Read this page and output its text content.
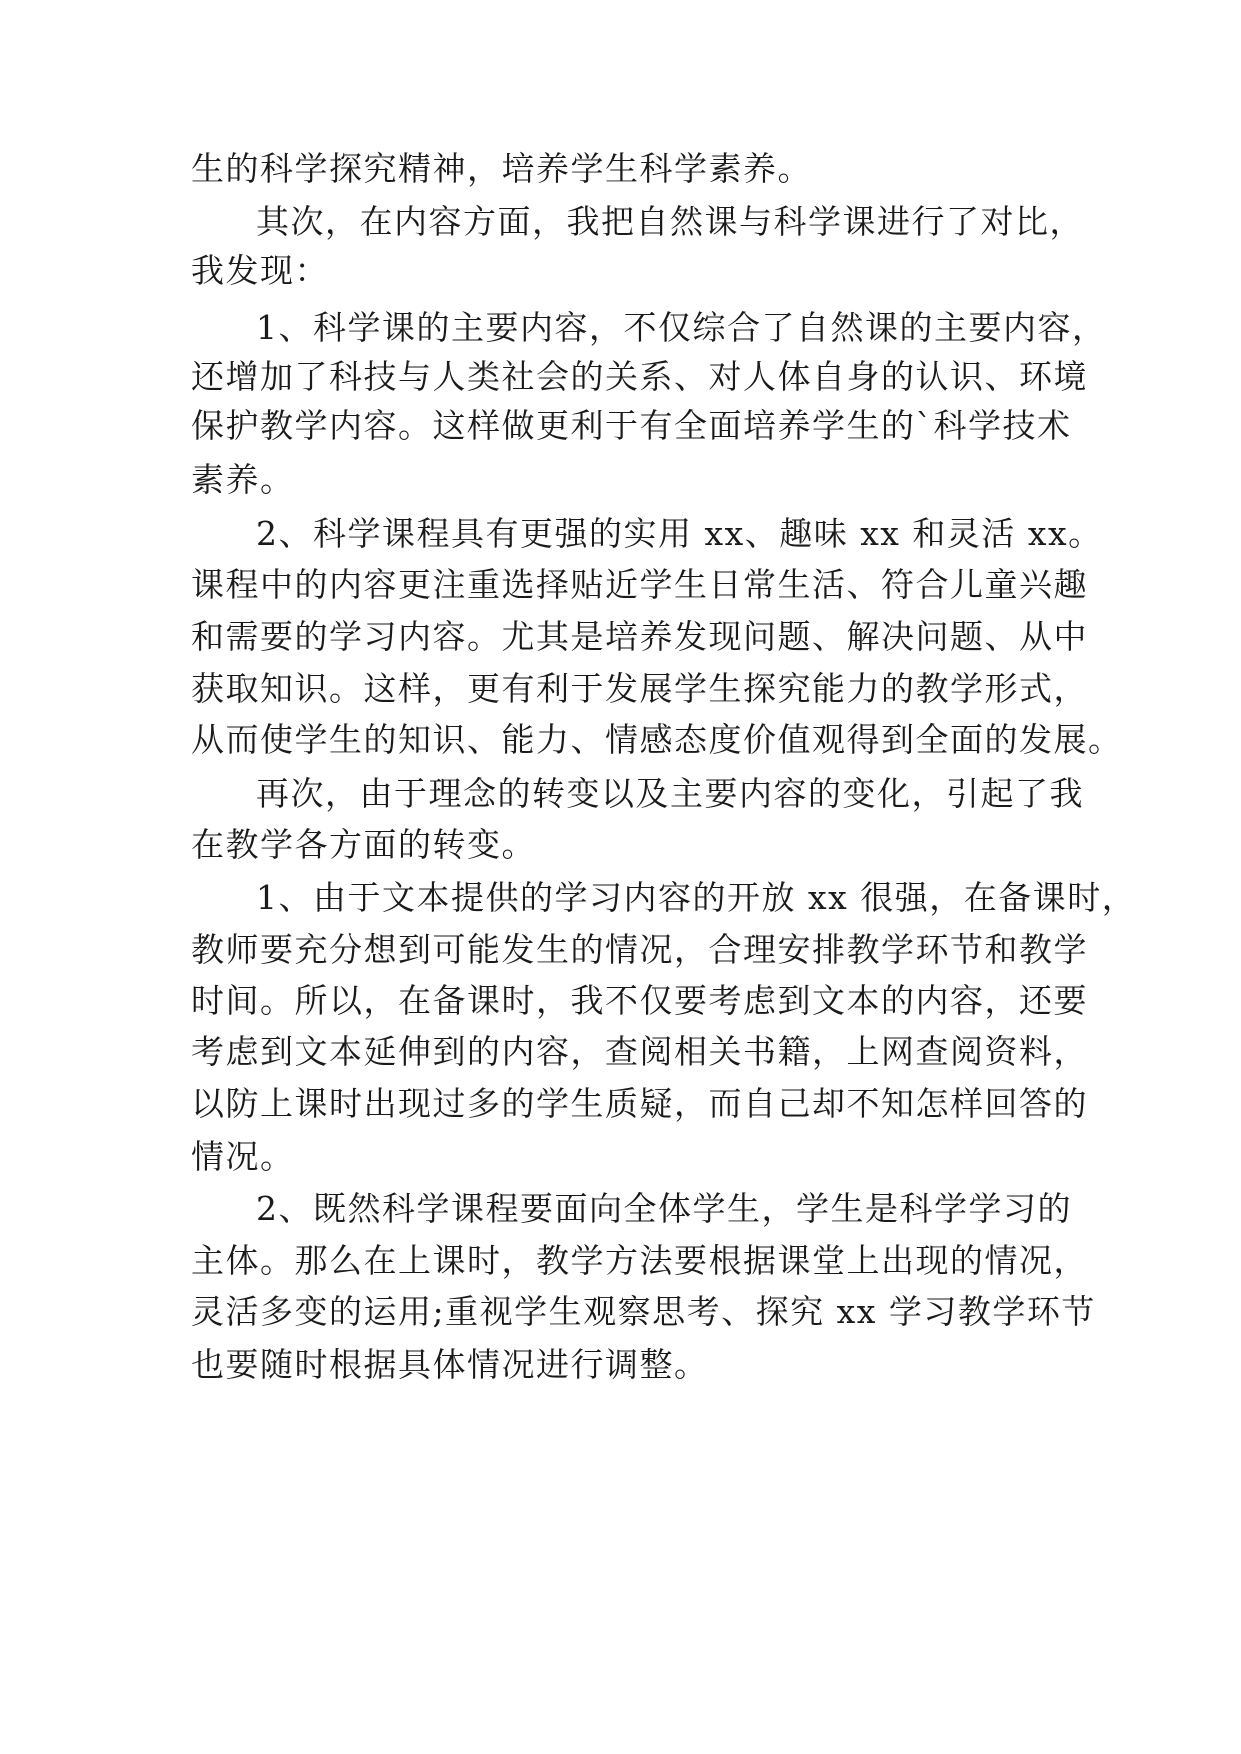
生的科学探究精神，培养学生科学素养。
其次，在内容方面，我把自然课与科学课进行了对比，
我发现：
1、科学课的主要内容，不仅综合了自然课的主要内容，
还增加了科技与人类社会的关系、对人体自身的认识、环境
保护教学内容。这样做更利于有全面培养学生的`科学技术
素养。
2、科学课程具有更强的实用 xx、趣味 xx 和灵活 xx。
课程中的内容更注重选择贴近学生日常生活、符合儿童兴趣
和需要的学习内容。尤其是培养发现问题、解决问题、从中
获取知识。这样，更有利于发展学生探究能力的教学形式，
从而使学生的知识、能力、情感态度价值观得到全面的发展。
再次，由于理念的转变以及主要内容的变化，引起了我
在教学各方面的转变。
1、由于文本提供的学习内容的开放 xx 很强，在备课时，
教师要充分想到可能发生的情况，合理安排教学环节和教学
时间。所以，在备课时，我不仅要考虑到文本的内容，还要
考虑到文本延伸到的内容，查阅相关书籍，上网查阅资料，
以防上课时出现过多的学生质疑，而自己却不知怎样回答的
情况。
2、既然科学课程要面向全体学生，学生是科学学习的
主体。那么在上课时，教学方法要根据课堂上出现的情况，
灵活多变的运用;重视学生观察思考、探究 xx 学习教学环节
也要随时根据具体情况进行调整。
